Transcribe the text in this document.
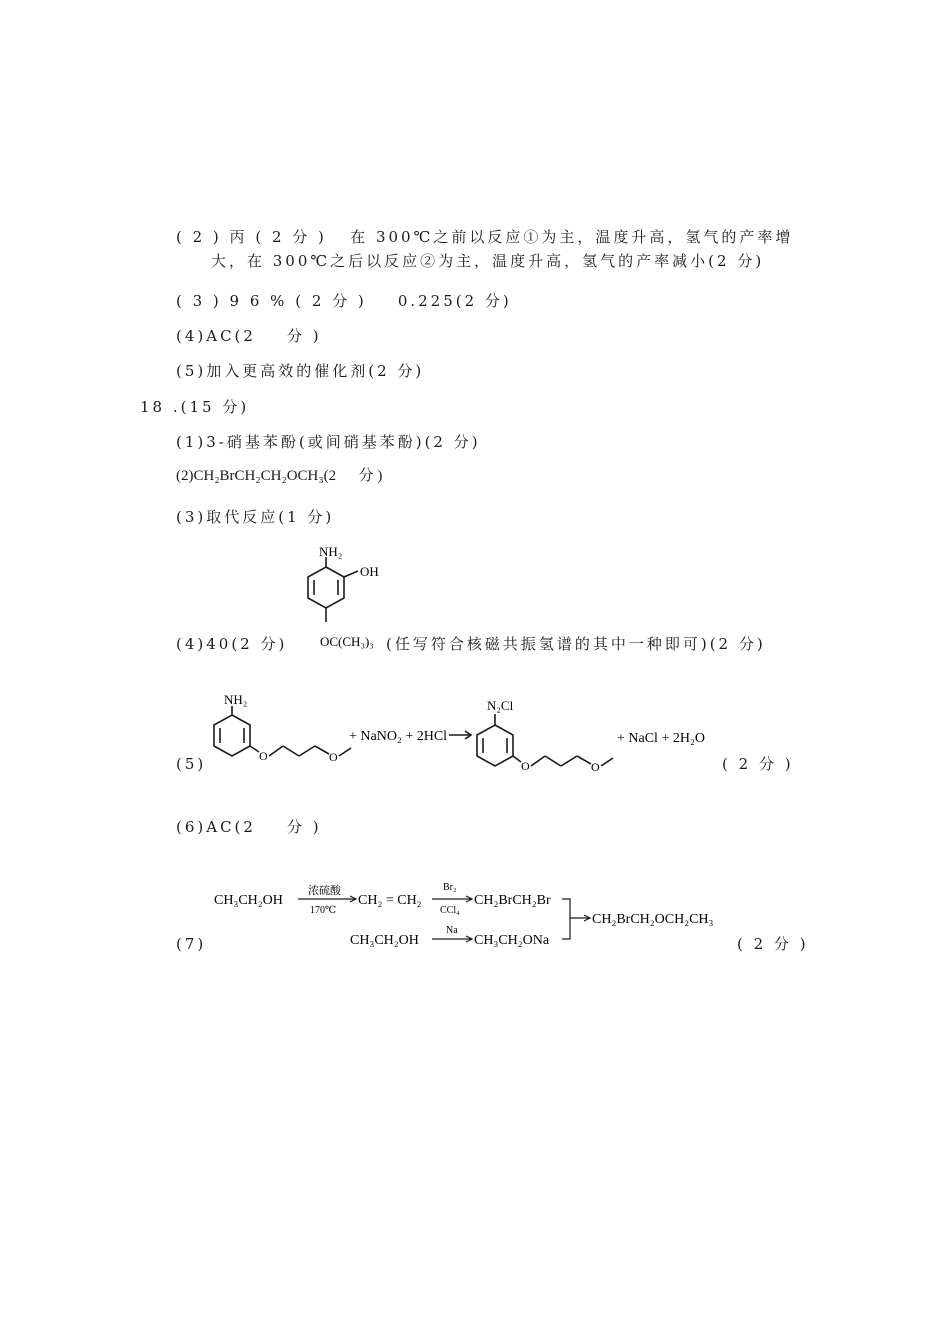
( 2 ) 丙 ( 2 分 )   在 300℃之前以反应①为主，温度升高，氢气的产率增
大，在 300℃之后以反应②为主，温度升高，氢气的产率减小(2 分)
( 3 ) 9 6 % ( 2 分 )    0.225(2 分)
(4)AC(2    分 )
(5)加入更高效的催化剂(2 分)
18 .(15 分)
(1)3-硝基苯酚(或间硝基苯酚)(2 分)
(2)CH₂BrCH₂CH₂OCH₃(2      分 )
(3)取代反应(1 分)
(4)40(2 分)
NH₂
OH
OC(CH₃)₃ (任写符合核磁共振氢谱的其中一种即可)(2 分)
(5)
NH₂
O	O
+ NaNO₂ + 2HCl
N₂Cl
O	O
+ NaCl + 2H₂O
( 2 分 )
(6)AC(2    分 )
(7)
CH₃CH₂OH
浓硫酸
170℃
CH₂ = CH₂
Br₂
CCl₄
CH₂BrCH₂Br
CH₃CH₂OH
Na
CH₃CH₂ONa
CH₂BrCH₂OCH₂CH₃
( 2 分 )
